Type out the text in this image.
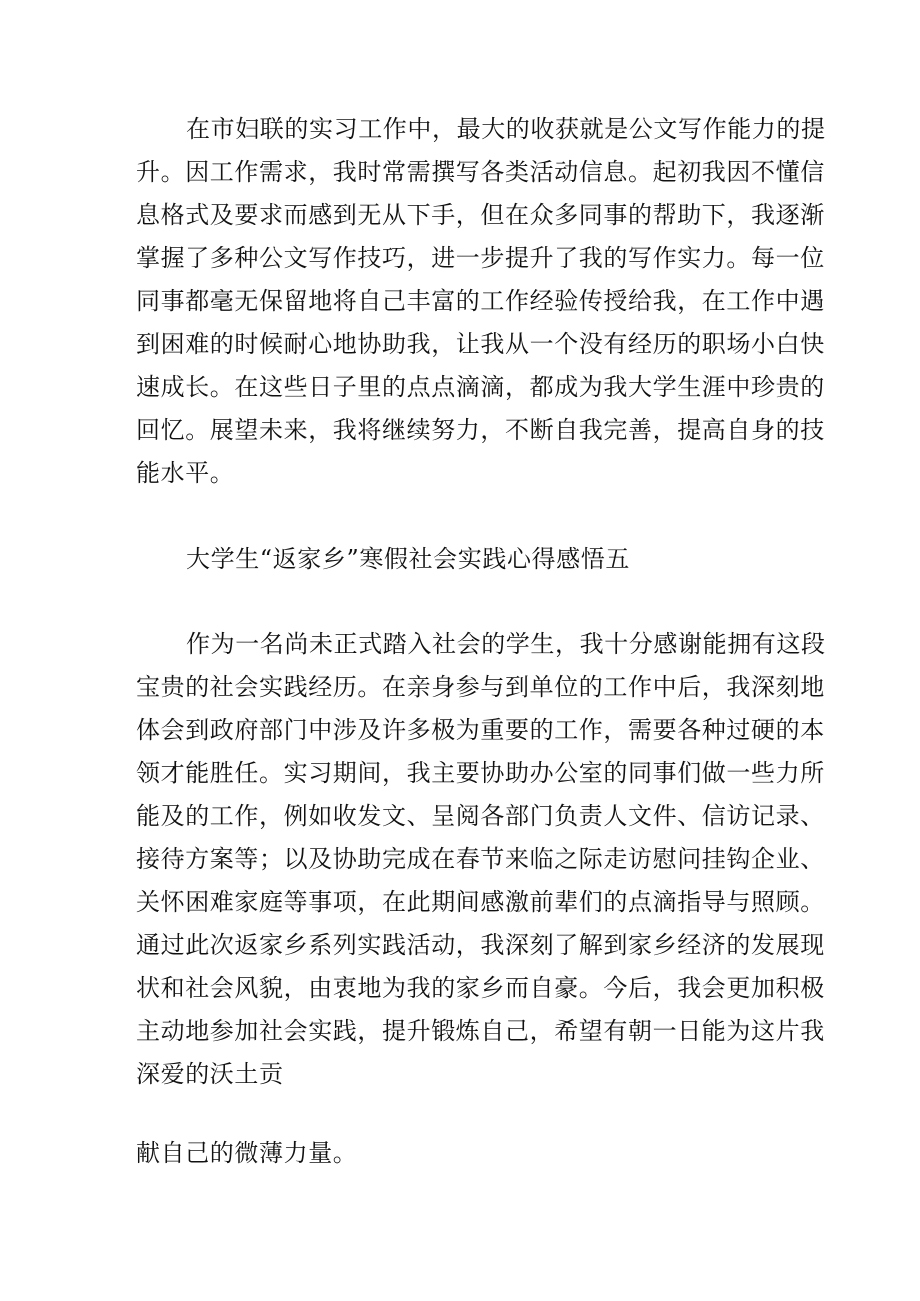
在市妇联的实习工作中，最大的收获就是公文写作能力的提
升。因工作需求，我时常需撰写各类活动信息。起初我因不懂信
息格式及要求而感到无从下手，但在众多同事的帮助下，我逐渐
掌握了多种公文写作技巧，进一步提升了我的写作实力。每一位
同事都毫无保留地将自己丰富的工作经验传授给我，在工作中遇
到困难的时候耐心地协助我，让我从一个没有经历的职场小白快
速成长。在这些日子里的点点滴滴，都成为我大学生涯中珍贵的
回忆。展望未来，我将继续努力，不断自我完善，提高自身的技
能水平。
大学生“返家乡”寒假社会实践心得感悟五
作为一名尚未正式踏入社会的学生，我十分感谢能拥有这段
宝贵的社会实践经历。在亲身参与到单位的工作中后，我深刻地
体会到政府部门中涉及许多极为重要的工作，需要各种过硬的本
领才能胜任。实习期间，我主要协助办公室的同事们做一些力所
能及的工作，例如收发文、呈阅各部门负责人文件、信访记录、
接待方案等；以及协助完成在春节来临之际走访慰问挂钩企业、
关怀困难家庭等事项，在此期间感激前辈们的点滴指导与照顾。
通过此次返家乡系列实践活动，我深刻了解到家乡经济的发展现
状和社会风貌，由衷地为我的家乡而自豪。今后，我会更加积极
主动地参加社会实践，提升锻炼自己，希望有朝一日能为这片我
深爱的沃土贡
献自己的微薄力量。
